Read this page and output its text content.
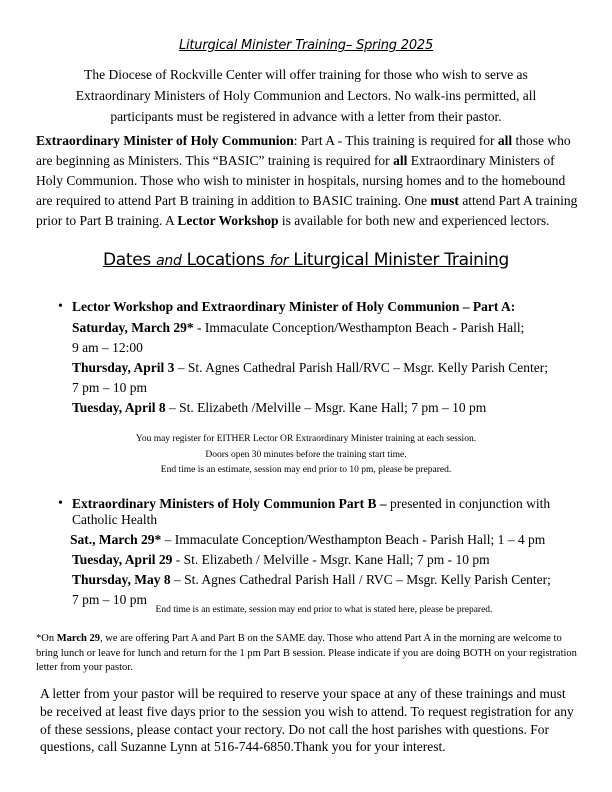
Liturgical Minister Training– Spring 2025
The Diocese of Rockville Center will offer training for those who wish to serve as Extraordinary Ministers of Holy Communion and Lectors. No walk-ins permitted, all participants must be registered in advance with a letter from their pastor.
Extraordinary Minister of Holy Communion: Part A - This training is required for all those who are beginning as Ministers. This “BASIC” training is required for all Extraordinary Ministers of Holy Communion. Those who wish to minister in hospitals, nursing homes and to the homebound are required to attend Part B training in addition to BASIC training. One must attend Part A training prior to Part B training. A Lector Workshop is available for both new and experienced lectors.
Dates and Locations for Liturgical Minister Training
• Lector Workshop and Extraordinary Minister of Holy Communion – Part A:
Saturday, March 29* - Immaculate Conception/Westhampton Beach - Parish Hall;
9 am – 12:00
Thursday, April 3 – St. Agnes Cathedral Parish Hall/RVC – Msgr. Kelly Parish Center;
7 pm – 10 pm
Tuesday, April 8 – St. Elizabeth /Melville – Msgr. Kane Hall; 7 pm – 10 pm
You may register for EITHER Lector OR Extraordinary Minister training at each session.
Doors open 30 minutes before the training start time.
End time is an estimate, session may end prior to 10 pm, please be prepared.
• Extraordinary Ministers of Holy Communion Part B – presented in conjunction with
Catholic Health
Sat., March 29* – Immaculate Conception/Westhampton Beach - Parish Hall; 1 – 4 pm
Tuesday, April 29 - St. Elizabeth / Melville - Msgr. Kane Hall; 7 pm - 10 pm
Thursday, May 8 – St. Agnes Cathedral Parish Hall / RVC – Msgr. Kelly Parish Center;
7 pm – 10 pm
End time is an estimate, session may end prior to what is stated here, please be prepared.
*On March 29, we are offering Part A and Part B on the SAME day. Those who attend Part A in the morning are welcome to bring lunch or leave for lunch and return for the 1 pm Part B session. Please indicate if you are doing BOTH on your registration letter from your pastor.
A letter from your pastor will be required to reserve your space at any of these trainings and must be received at least five days prior to the session you wish to attend. To request registration for any of these sessions, please contact your rectory. Do not call the host parishes with questions. For questions, call Suzanne Lynn at 516-744-6850.Thank you for your interest.
